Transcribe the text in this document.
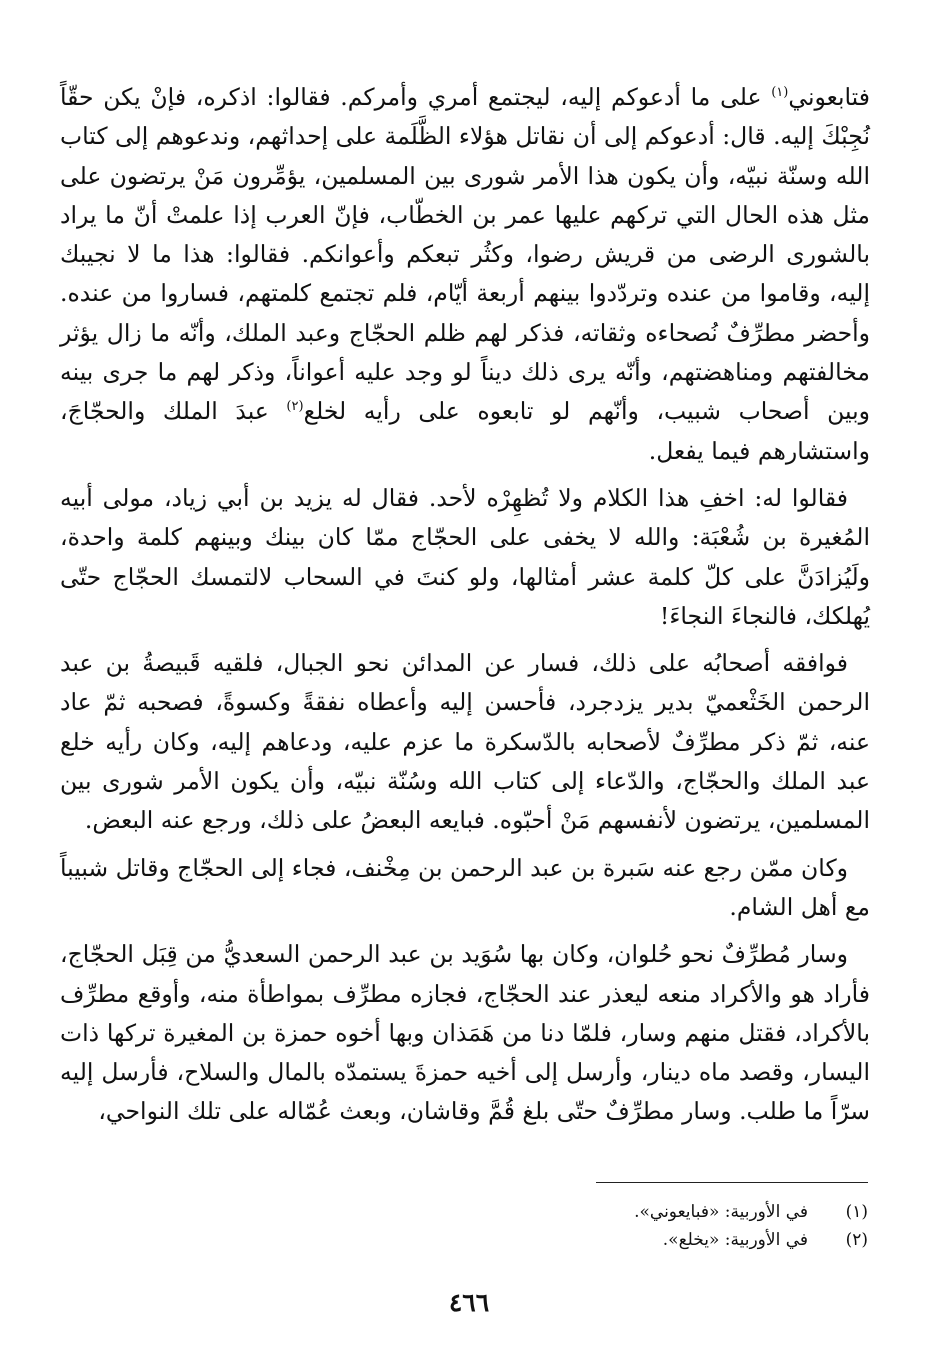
فتابعوني$^{(١)}$ على ما أدعوكم إليه، ليجتمع أمري وأمركم. فقالوا: اذكره، فإنْ يكن حقّاً نُجِبْكَ إليه. قال: أدعوكم إلى أن نقاتل هؤلاء الظَّلَمة على إحداثهم، وندعوهم إلى كتاب الله وسنّة نبيّه، وأن يكون هذا الأمر شورى بين المسلمين، يؤمِّرون مَنْ يرتضون على مثل هذه الحال التي تركهم عليها عمر بن الخطّاب، فإنّ العرب إذا علمتْ أنّ ما يراد بالشورى الرضى من قريش رضوا، وكثُر تبعكم وأعوانكم. فقالوا: هذا ما لا نجيبك إليه، وقاموا من عنده وتردّدوا بينهم أربعة أيّام، فلم تجتمع كلمتهم، فساروا من عنده. وأحضر مطرِّفٌ نُصحاءه وثقاته، فذكر لهم ظلم الحجّاج وعبد الملك، وأنّه ما زال يؤثر مخالفتهم ومناهضتهم، وأنّه يرى ذلك ديناً لو وجد عليه أعواناً، وذكر لهم ما جرى بينه وبين أصحاب شبيب، وأنّهم لو تابعوه على رأيه لخلع$^{(٢)}$ عبدَ الملك والحجّاجَ، واستشارهم فيما يفعل.

فقالوا له: اخفِ هذا الكلام ولا تُظهِرْه لأحد. فقال له يزيد بن أبي زياد، مولى أبيه المُغيرة بن شُعْبَة: والله لا يخفى على الحجّاج ممّا كان بينك وبينهم كلمة واحدة، ولَيُزادَنَّ على كلّ كلمة عشر أمثالها، ولو كنتَ في السحاب لالتمسك الحجّاج حتّى يُهلكك، فالنجاءَ النجاءَ!

فوافقه أصحابُه على ذلك، فسار عن المدائن نحو الجبال، فلقيه قَبيصةُ بن عبد الرحمن الخَثْعميّ بدير يزدجرد، فأحسن إليه وأعطاه نفقةً وكسوةً، فصحبه ثمّ عاد عنه، ثمّ ذكر مطرِّفٌ لأصحابه بالدّسكرة ما عزم عليه، ودعاهم إليه، وكان رأيه خلع عبد الملك والحجّاج، والدّعاء إلى كتاب الله وسُنّة نبيّه، وأن يكون الأمر شورى بين المسلمين، يرتضون لأنفسهم مَنْ أحبّوه. فبايعه البعضُ على ذلك، ورجع عنه البعض.

وكان ممّن رجع عنه سَبرة بن عبد الرحمن بن مِخْنف، فجاء إلى الحجّاج وقاتل شبيباً مع أهل الشام.

وسار مُطرِّفٌ نحو حُلوان، وكان بها سُوَيد بن عبد الرحمن السعديُّ من قِبَل الحجّاج، فأراد هو والأكراد منعه ليعذر عند الحجّاج، فجازه مطرِّف بمواطأة منه، وأوقع مطرِّف بالأكراد، فقتل منهم وسار، فلمّا دنا من هَمَذان وبها أخوه حمزة بن المغيرة تركها ذات اليسار، وقصد ماه دينار، وأرسل إلى أخيه حمزةَ يستمدّه بالمال والسلاح، فأرسل إليه سرّاً ما طلب. وسار مطرِّفٌ حتّى بلغ قُمَّ وقاشان، وبعث عُمّاله على تلك النواحي،

(١)
في الأوربية: «فبايعوني».
(٢)
في الأوربية: «يخلع».
٤٦٦
